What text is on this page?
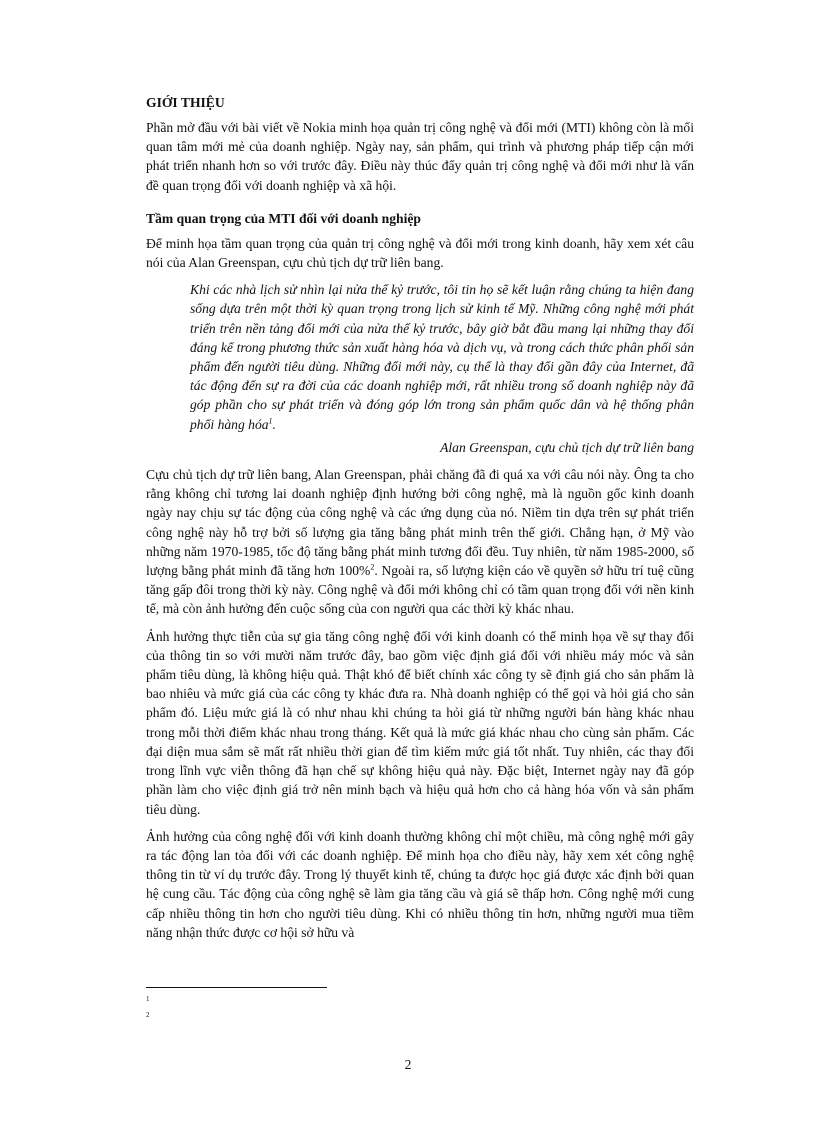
GIỚI THIỆU

Phần mở đầu với bài viết về Nokia minh họa quản trị công nghệ và đổi mới (MTI) không còn là mối quan tâm mới mẻ của doanh nghiệp. Ngày nay, sản phẩm, qui trình và phương pháp tiếp cận mới phát triển nhanh hơn so với trước đây. Điều này thúc đẩy quản trị công nghệ và đổi mới như là vấn đề quan trọng đối với doanh nghiệp và xã hội.

Tầm quan trọng của MTI đối với doanh nghiệp

Để minh họa tầm quan trọng của quản trị công nghệ và đổi mới trong kinh doanh, hãy xem xét câu nói của Alan Greenspan, cựu chủ tịch dự trữ liên bang.

Khi các nhà lịch sử nhìn lại nửa thế kỷ trước, tôi tin họ sẽ kết luận rằng chúng ta hiện đang sống dựa trên một thời kỳ quan trọng trong lịch sử kinh tế Mỹ. Những công nghệ mới phát triển trên nền tảng đổi mới của nửa thế kỷ trước, bây giờ bắt đầu mang lại những thay đổi đáng kể trong phương thức sản xuất hàng hóa và dịch vụ, và trong cách thức phân phối sản phẩm đến người tiêu dùng. Những đổi mới này, cụ thể là thay đổi gần đây của Internet, đã tác động đến sự ra đời của các doanh nghiệp mới, rất nhiều trong số doanh nghiệp này đã góp phần cho sự phát triển và đóng góp lớn trong sản phẩm quốc dân và hệ thống phân phối hàng hóa$^1$.
Alan Greenspan, cựu chủ tịch dự trữ liên bang

Cựu chủ tịch dự trữ liên bang, Alan Greenspan, phải chăng đã đi quá xa với câu nói này. Ông ta cho rằng không chỉ tương lai doanh nghiệp định hướng bởi công nghệ, mà là nguồn gốc kinh doanh ngày nay chịu sự tác động của công nghệ và các ứng dụng của nó. Niềm tin dựa trên sự phát triển công nghệ này hỗ trợ bởi số lượng gia tăng bằng phát minh trên thế giới. Chẳng hạn, ở Mỹ vào những năm 1970-1985, tốc độ tăng bằng phát minh tương đối đều. Tuy nhiên, từ năm 1985-2000, số lượng bằng phát minh đã tăng hơn 100%$^2$. Ngoài ra, số lượng kiện cáo về quyền sở hữu trí tuệ cũng tăng gấp đôi trong thời kỳ này. Công nghệ và đổi mới không chỉ có tầm quan trọng đối với nền kinh tế, mà còn ảnh hưởng đến cuộc sống của con người qua các thời kỳ khác nhau.

Ảnh hưởng thực tiễn của sự gia tăng công nghệ đối với kinh doanh có thể minh họa về sự thay đổi của thông tin so với mười năm trước đây, bao gồm việc định giá đối với nhiều máy móc và sản phẩm tiêu dùng, là không hiệu quả. Thật khó để biết chính xác công ty sẽ định giá cho sản phẩm là bao nhiêu và mức giá của các công ty khác đưa ra. Nhà doanh nghiệp có thể gọi và hỏi giá cho sản phẩm đó. Liệu mức giá là có như nhau khi chúng ta hỏi giá từ những người bán hàng khác nhau trong mỗi thời điểm khác nhau trong tháng. Kết quả là mức giá khác nhau cho cùng sản phẩm. Các đại diện mua sắm sẽ mất rất nhiều thời gian để tìm kiếm mức giá tốt nhất. Tuy nhiên, các thay đổi trong lĩnh vực viễn thông đã hạn chế sự không hiệu quả này. Đặc biệt, Internet ngày nay đã góp phần làm cho việc định giá trở nên minh bạch và hiệu quả hơn cho cả hàng hóa vốn và sản phẩm tiêu dùng.

Ảnh hưởng của công nghệ đối với kinh doanh thường không chỉ một chiều, mà công nghệ mới gây ra tác động lan tỏa đối với các doanh nghiệp. Để minh họa cho điều này, hãy xem xét công nghệ thông tin từ ví dụ trước đây. Trong lý thuyết kinh tế, chúng ta được học giá được xác định bởi quan hệ cung cầu. Tác động của công nghệ sẽ làm gia tăng cầu và giá sẽ thấp hơn. Công nghệ mới cung cấp nhiều thông tin hơn cho người tiêu dùng. Khi có nhiều thông tin hơn, những người mua tiềm năng nhận thức được cơ hội sở hữu và

1
2
2
